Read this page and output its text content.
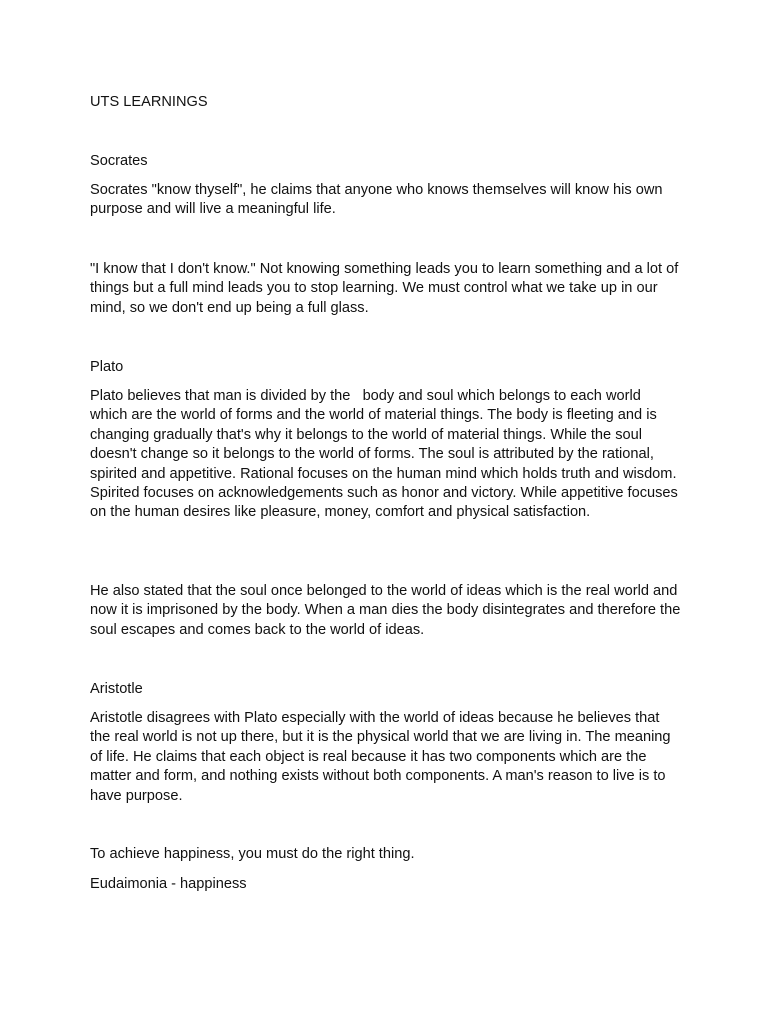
UTS LEARNINGS
Socrates
Socrates "know thyself", he claims that anyone who knows themselves will know his own purpose and will live a meaningful life.
"I know that I don't know." Not knowing something leads you to learn something and a lot of things but a full mind leads you to stop learning. We must control what we take up in our mind, so we don't end up being a full glass.
Plato
Plato believes that man is divided by the   body and soul which belongs to each world which are the world of forms and the world of material things. The body is fleeting and is changing gradually that's why it belongs to the world of material things. While the soul doesn't change so it belongs to the world of forms. The soul is attributed by the rational, spirited and appetitive. Rational focuses on the human mind which holds truth and wisdom. Spirited focuses on acknowledgements such as honor and victory. While appetitive focuses on the human desires like pleasure, money, comfort and physical satisfaction.
He also stated that the soul once belonged to the world of ideas which is the real world and now it is imprisoned by the body. When a man dies the body disintegrates and therefore the soul escapes and comes back to the world of ideas.
Aristotle
Aristotle disagrees with Plato especially with the world of ideas because he believes that the real world is not up there, but it is the physical world that we are living in. The meaning of life. He claims that each object is real because it has two components which are the matter and form, and nothing exists without both components. A man's reason to live is to have purpose.
To achieve happiness, you must do the right thing.
Eudaimonia - happiness
